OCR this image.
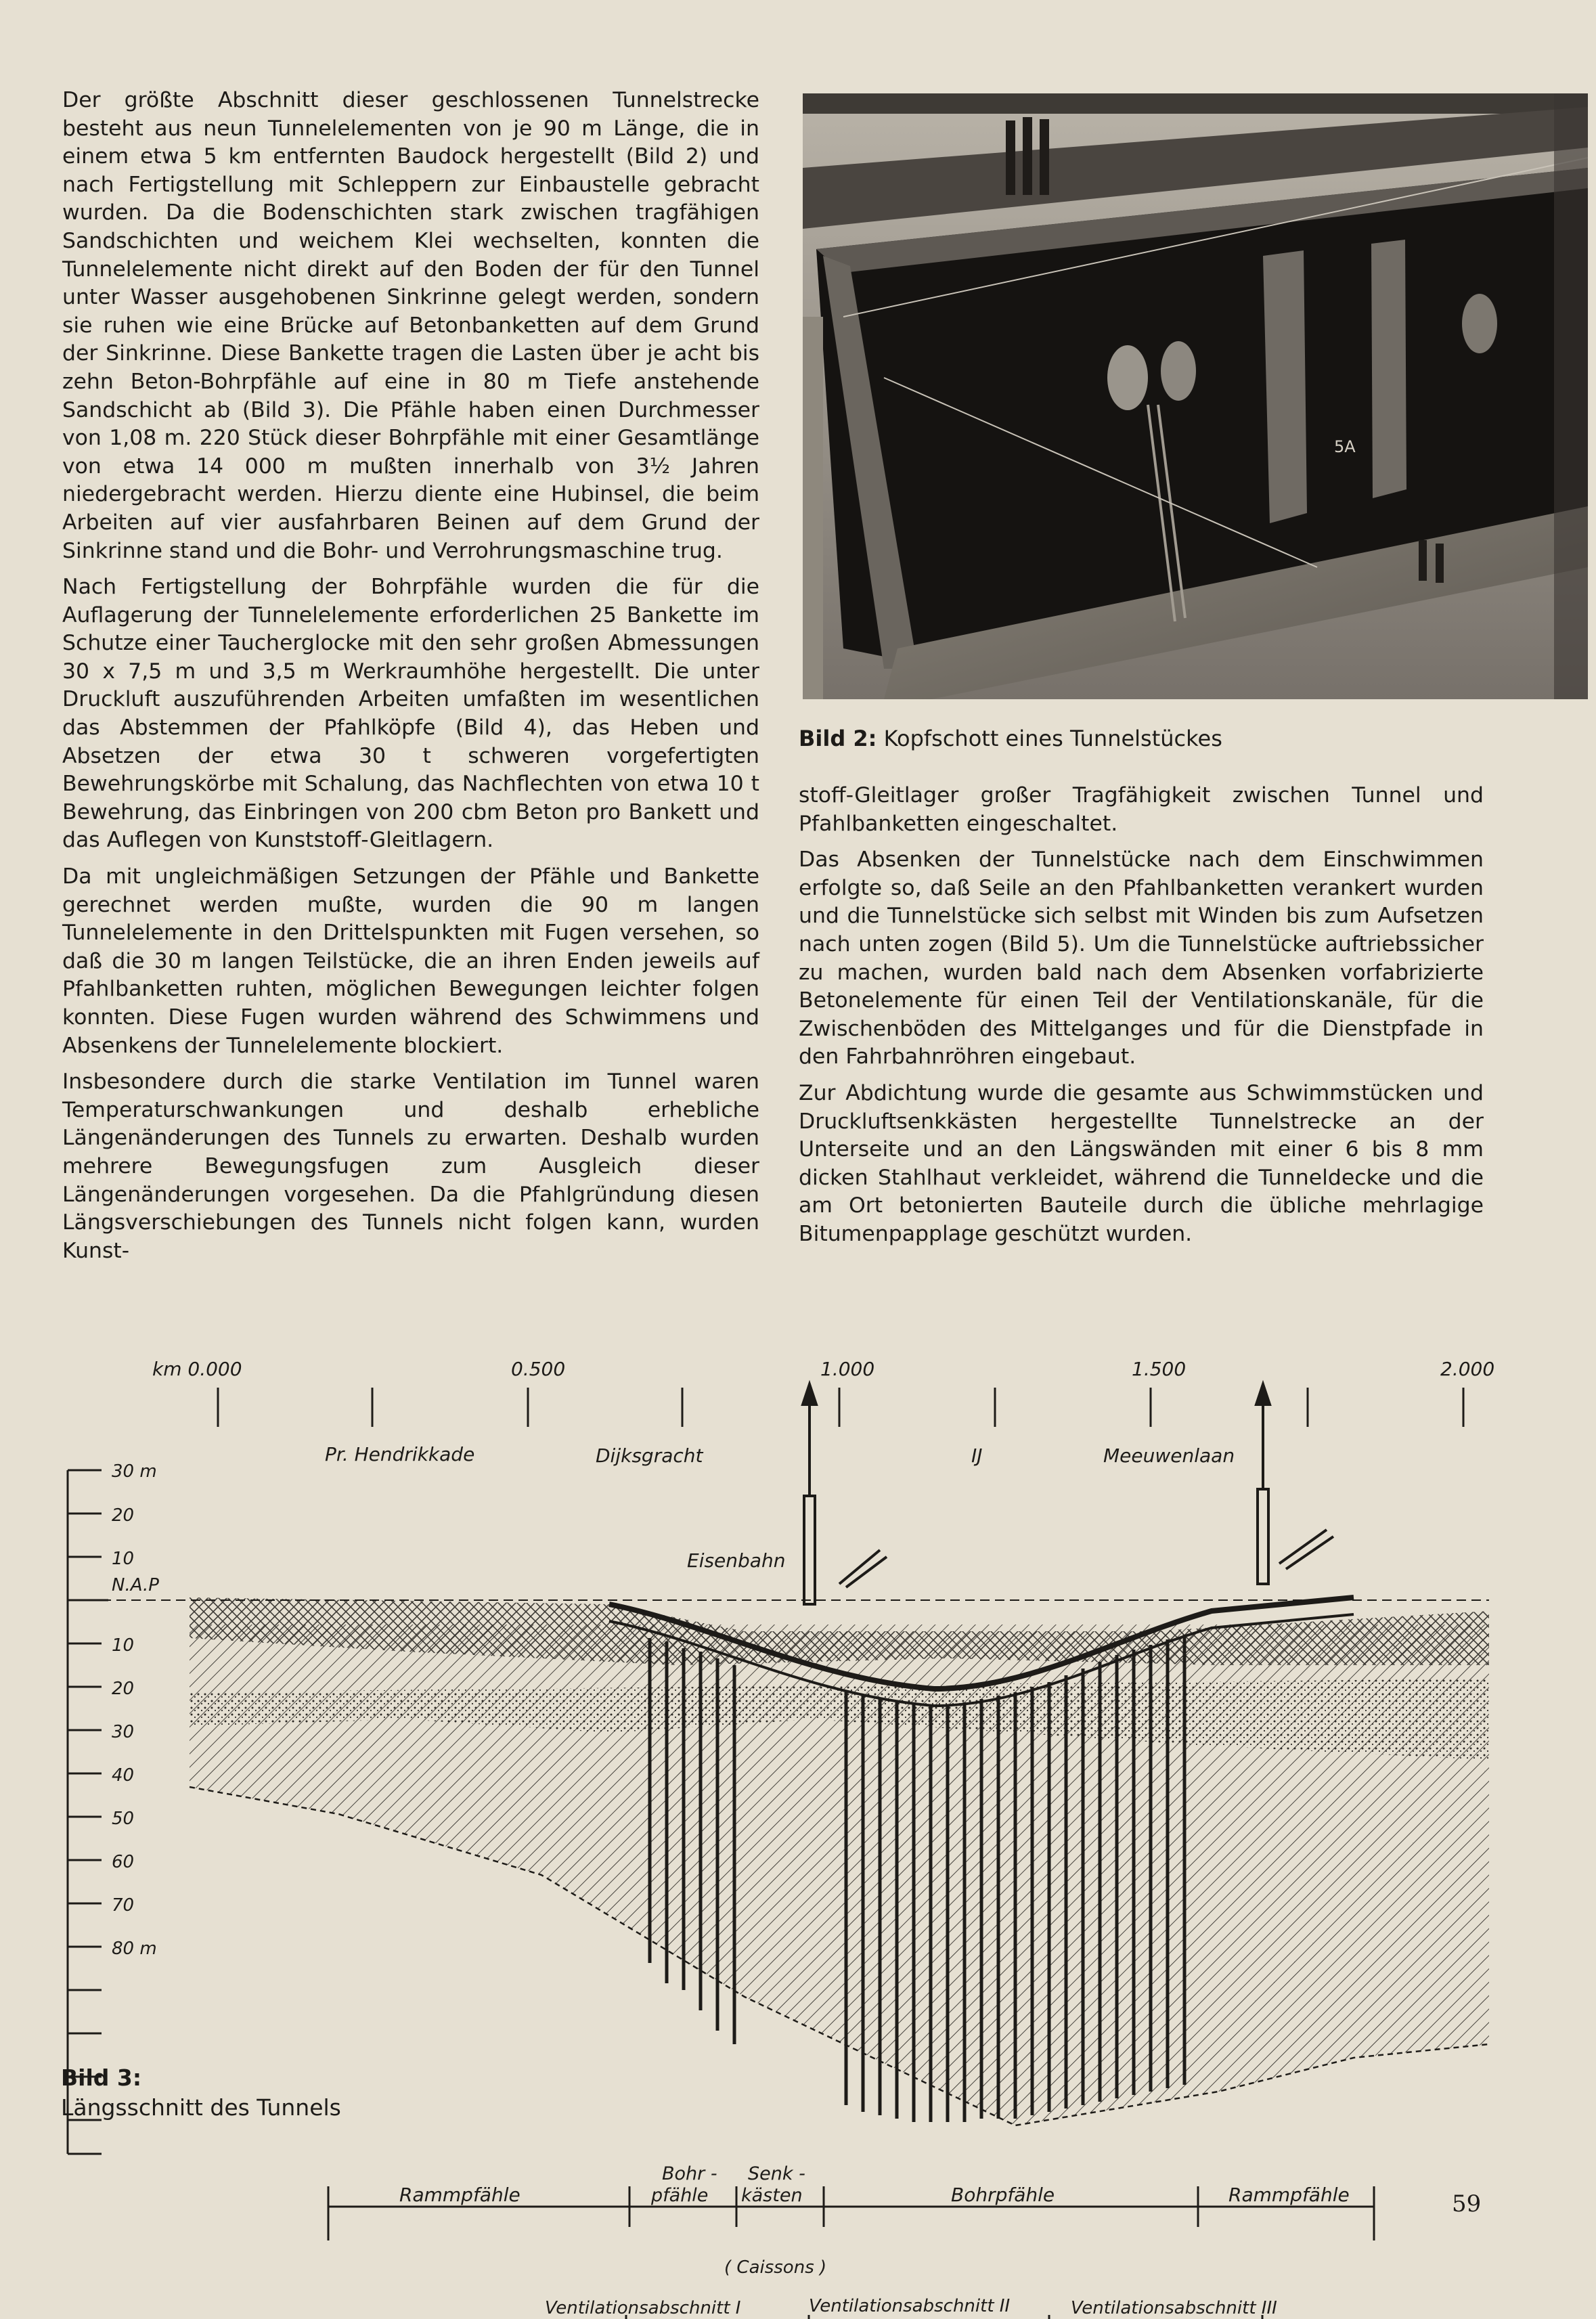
Der größte Abschnitt dieser geschlossenen Tunnelstrecke besteht aus neun Tunnelelementen von je 90 m Länge, die in einem etwa 5 km entfernten Baudock hergestellt (Bild 2) und nach Fertigstellung mit Schleppern zur Einbaustelle gebracht wurden. Da die Bodenschichten stark zwischen tragfähigen Sandschichten und weichem Klei wechselten, konnten die Tunnelelemente nicht direkt auf den Boden der für den Tunnel unter Wasser ausgehobenen Sinkrinne gelegt werden, sondern sie ruhen wie eine Brücke auf Betonbanketten auf dem Grund der Sinkrinne. Diese Bankette tragen die Lasten über je acht bis zehn Beton-Bohrpfähle auf eine in 80 m Tiefe anstehende Sandschicht ab (Bild 3). Die Pfähle haben einen Durchmesser von 1,08 m. 220 Stück dieser Bohrpfähle mit einer Gesamtlänge von etwa 14 000 m mußten innerhalb von 3½ Jahren niedergebracht werden. Hierzu diente eine Hubinsel, die beim Arbeiten auf vier ausfahrbaren Beinen auf dem Grund der Sinkrinne stand und die Bohr- und Verrohrungsmaschine trug.

Nach Fertigstellung der Bohrpfähle wurden die für die Auflagerung der Tunnelelemente erforderlichen 25 Bankette im Schutze einer Taucherglocke mit den sehr großen Abmessungen 30 x 7,5 m und 3,5 m Werkraumhöhe hergestellt. Die unter Druckluft auszuführenden Arbeiten umfaßten im wesentlichen das Abstemmen der Pfahlköpfe (Bild 4), das Heben und Absetzen der etwa 30 t schweren vorgefertigten Bewehrungskörbe mit Schalung, das Nachflechten von etwa 10 t Bewehrung, das Einbringen von 200 cbm Beton pro Bankett und das Auflegen von Kunststoff-Gleitlagern.

Da mit ungleichmäßigen Setzungen der Pfähle und Bankette gerechnet werden mußte, wurden die 90 m langen Tunnelelemente in den Drittelspunkten mit Fugen versehen, so daß die 30 m langen Teilstücke, die an ihren Enden jeweils auf Pfahlbanketten ruhten, möglichen Bewegungen leichter folgen konnten. Diese Fugen wurden während des Schwimmens und Absenkens der Tunnelelemente blockiert.

Insbesondere durch die starke Ventilation im Tunnel waren Temperaturschwankungen und deshalb erhebliche Längenänderungen des Tunnels zu erwarten. Deshalb wurden mehrere Bewegungsfugen zum Ausgleich dieser Längenänderungen vorgesehen. Da die Pfahlgründung diesen Längsverschiebungen des Tunnels nicht folgen kann, wurden Kunst-

5A
Bild 2: Kopfschott eines Tunnelstückes

stoff-Gleitlager großer Tragfähigkeit zwischen Tunnel und Pfahlbanketten eingeschaltet.

Das Absenken der Tunnelstücke nach dem Einschwimmen erfolgte so, daß Seile an den Pfahlbanketten verankert wurden und die Tunnelstücke sich selbst mit Winden bis zum Aufsetzen nach unten zogen (Bild 5). Um die Tunnelstücke auftriebssicher zu machen, wurden bald nach dem Absenken vorfabrizierte Betonelemente für einen Teil der Ventilationskanäle, für die Zwischenböden des Mittelganges und für die Dienstpfade in den Fahrbahnröhren eingebaut.

Zur Abdichtung wurde die gesamte aus Schwimmstücken und Druckluftsenkkästen hergestellte Tunnelstrecke an der Unterseite und an den Längswänden mit einer 6 bis 8 mm dicken Stahlhaut verkleidet, während die Tunneldecke und die am Ort betonierten Bauteile durch die übliche mehrlagige Bitumenpapplage geschützt wurden.

km 0.000	0.500	1.000	1.500	2.000
Pr. Hendrikkade	Dijksgracht	IJ	Meeuwenlaan
Eisenbahn
30 m
20
10
N.A.P
10
20
30
40
50
60
70
80 m
Rammpfähle
Bohr -
pfähle
Senk -
kästen	Bohrpfähle	Rammpfähle
( Caissons )
Ventilationsabschnitt I	Ventilationsabschnitt II	Ventilationsabschnitt III
Bild 3:
Längsschnitt des Tunnels
59
